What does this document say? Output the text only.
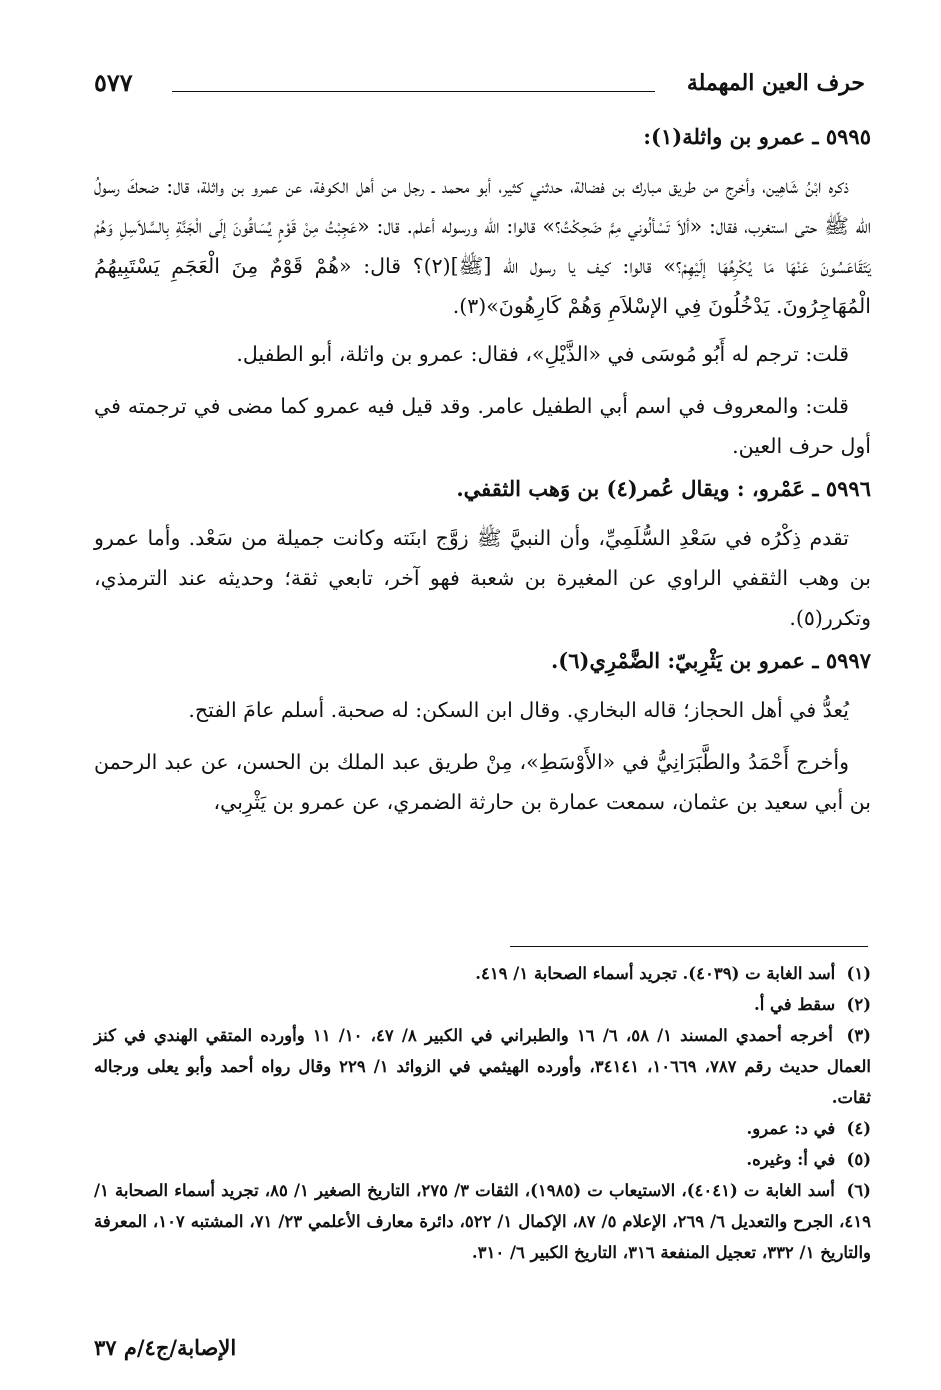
حرف العين المهملة
٥٧٧
٥٩٩٥ ـ عمرو بن واثلة(١):

ذكره ابْنُ شَاهِين، وأخرج من طريق مبارك بن فضالة، حدثني كثير، أبو محمد ـ رجل من أهل الكوفة، عن عمرو بن واثلة، قال: ضحكَ رسولُ الله ﷺ حتى استغرب، فقال: «ألاَ تَسْألُوني مِمَّ ضَحِكْتُ؟» قالوا: الله ورسوله أعلم. قال: «عَجِبْتُ مِنْ قَوْمٍ يُسَاقُونَ إلَى الْجَنَّةِ بِالسَّلاَسِلِ وَهُمْ يَتَقَاعَسُونَ عَنْهَا مَا يُكْرِهُهَا إلَيْهِمْ؟» قالوا: كيف يا رسول الله [ﷺ](٢)؟ قال: «هُمْ قَوْمٌ مِنَ الْعَجَمِ يَسْتَبِيهُمُ الْمُهَاجِرُونَ. يَدْخُلُونَ فِي الإسْلاَمِ وَهُمْ كَارِهُونَ»(٣).

قلت: ترجم له أَبُو مُوسَى في «الذَّيْلِ»، فقال: عمرو بن واثلة، أبو الطفيل.

قلت: والمعروف في اسم أبي الطفيل عامر. وقد قيل فيه عمرو كما مضى في ترجمته في أول حرف العين.

٥٩٩٦ ـ عَمْرو، : ويقال عُمر(٤) بن وَهب الثقفي.

تقدم ذِكْرُه في سَعْدِ السُّلَمِيِّ، وأن النبيَّ ﷺ زوَّج ابنَته وكانت جميلة من سَعْد. وأما عمرو بن وهب الثقفي الراوي عن المغيرة بن شعبة فهو آخر، تابعي ثقة؛ وحديثه عند الترمذي، وتكرر(٥).

٥٩٩٧ ـ عمرو بن يَثْرِبيّ: الضَّمْرِي(٦).

يُعدُّ في أهل الحجاز؛ قاله البخاري. وقال ابن السكن: له صحبة. أسلم عامَ الفتح.

وأخرج أَحْمَدُ والطَّبَرَانِيُّ في «الأَوْسَطِ»، مِنْ طريق عبد الملك بن الحسن، عن عبد الرحمن بن أبي سعيد بن عثمان، سمعت عمارة بن حارثة الضمري، عن عمرو بن يَثْرِبي،

(١) أسد الغابة ت (٤٠٣٩). تجريد أسماء الصحابة ١/ ٤١٩.
(٢) سقط في أ.
(٣) أخرجه أحمدي المسند ١/ ٥٨، ٦/ ١٦ والطبراني في الكبير ٨/ ٤٧، ١٠/ ١١ وأورده المتقي الهندي في كنز العمال حديث رقم ٧٨٧، ١٠٦٦٩، ٣٤١٤١، وأورده الهيثمي في الزوائد ١/ ٢٢٩ وقال رواه أحمد وأبو يعلى ورجاله ثقات.
(٤) في د: عمرو.
(٥) في أ: وغيره.
(٦) أسد الغابة ت (٤٠٤١)، الاستيعاب ت (١٩٨٥)، الثقات ٣/ ٢٧٥، التاريخ الصغير ١/ ٨٥، تجريد أسماء الصحابة ١/ ٤١٩، الجرح والتعديل ٦/ ٢٦٩، الإعلام ٥/ ٨٧، الإكمال ١/ ٥٢٢، دائرة معارف الأعلمي ٢٣/ ٧١، المشتبه ١٠٧، المعرفة والتاريخ ١/ ٣٣٢، تعجيل المنفعة ٣١٦، التاريخ الكبير ٦/ ٣١٠.
الإصابة/ج٤/م ٣٧
